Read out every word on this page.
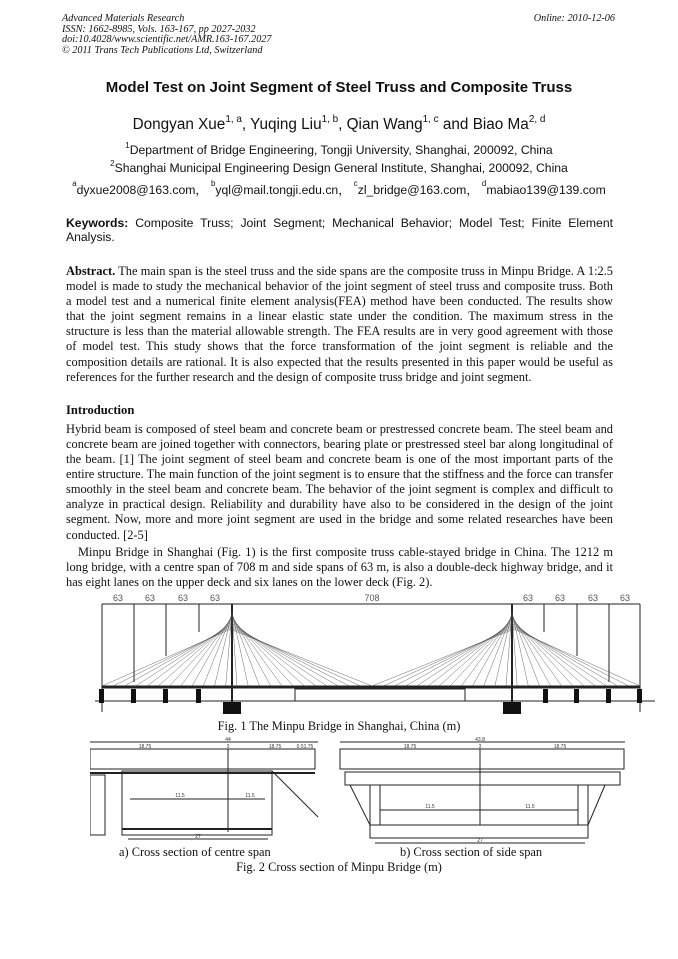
Advanced Materials Research
ISSN: 1662-8985, Vols. 163-167, pp 2027-2032
doi:10.4028/www.scientific.net/AMR.163-167.2027
© 2011 Trans Tech Publications Ltd, Switzerland
Online: 2010-12-06
Model Test on Joint Segment of Steel Truss and Composite Truss
Dongyan Xue$^{1, a}$, Yuqing Liu$^{1, b}$, Qian Wang$^{1, c}$ and Biao Ma$^{2, d}$
$^1$Department of Bridge Engineering, Tongji University, Shanghai, 200092, China
$^2$Shanghai Municipal Engineering Design General Institute, Shanghai, 200092, China
$^a$dyxue2008@163.com， $^b$yql@mail.tongji.edu.cn， $^c$zl_bridge@163.com， $^d$mabiao139@139.com
Keywords: Composite Truss; Joint Segment; Mechanical Behavior; Model Test; Finite Element Analysis.
Abstract. The main span is the steel truss and the side spans are the composite truss in Minpu Bridge. A 1:2.5 model is made to study the mechanical behavior of the joint segment of steel truss and composite truss. Both a model test and a numerical finite element analysis(FEA) method have been conducted. The results show that the joint segment remains in a linear elastic state under the condition. The maximum stress in the structure is less than the material allowable strength. The FEA results are in very good agreement with those of model test. This study shows that the force transformation of the joint segment is reliable and the composition details are rational. It is also expected that the results presented in this paper would be useful as references for the further research and the design of composite truss bridge and joint segment.
Introduction
Hybrid beam is composed of steel beam and concrete beam or prestressed concrete beam. The steel beam and concrete beam are joined together with connectors, bearing plate or prestressed steel bar along longitudinal of the beam. [1] The joint segment of steel beam and concrete beam is one of the most important parts of the entire structure. The main function of the joint segment is to ensure that the stiffness and the force can transfer smoothly in the steel beam and concrete beam. The behavior of the joint segment is complex and difficult to analyze in practical design. Reliability and durability have also to be considered in the design of the joint segment. Now, more and more joint segment are used in the bridge and some related researches have been conducted. [2-5]
Minpu Bridge in Shanghai (Fig. 1) is the first composite truss cable-stayed bridge in China. The 1212 m long bridge, with a centre span of 708 m and side spans of 63 m, is also a double-deck highway bridge, and it has eight lanes on the upper deck and six lanes on the lower deck (Fig. 2).
63 63	63 63	708	63 63	63 63
Fig. 1 The Minpu Bridge in Shanghai, China (m)
44
18.75	3	18.75	0.51.75
11.5	11.5
27
43.8
18.75	3	18.75
11.5	11.5
27
a) Cross section of centre span	b) Cross section of side span
Fig. 2 Cross section of Minpu Bridge (m)
